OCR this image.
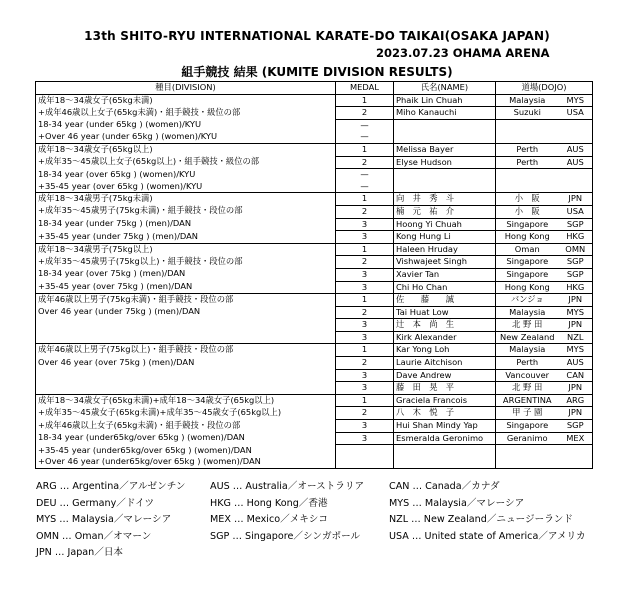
13th SHITO-RYU INTERNATIONAL KARATE-DO TAIKAI(OSAKA JAPAN)
2023.07.23 OHAMA ARENA
組手競技 結果 (KUMITE DIVISION RESULTS)
種目(DIVISION)	MEDAL	氏名(NAME)	道場(DOJO)	
成年18～34歳女子(65kg未満)	1	Phaik Lin Chuah	Malaysia	MYS
+成年46歳以上女子(65kg未満)・組手競技・級位の部	2	Miho Kanauchi	Suzuki	USA
18-34 year (under 65kg ) (women)/KYU	—			
+Over 46 year (under 65kg ) (women)/KYU	—			
成年18～34歳女子(65kg以上)	1	Melissa Bayer	Perth	AUS
+成年35～45歳以上女子(65kg以上)・組手競技・級位の部	2	Elyse Hudson	Perth	AUS
18-34 year (over 65kg ) (women)/KYU	—			
+35-45 year (over 65kg ) (women)/KYU	—			
成年18～34歳男子(75kg未満)	1	向　井　秀　斗	小　阪	JPN
+成年35～45歳男子(75kg未満)・組手競技・段位の部	2	楠　元　祐　介	小　阪	USA
18-34 year (under 75kg ) (men)/DAN	3	Hoong Yi Chuah	Singapore	SGP
+35-45 year (under 75kg ) (men)/DAN	3	Kong Hung Li	Hong Kong	HKG
成年18～34歳男子(75kg以上)	1	Haleen Hruday	Oman	OMN
+成年35～45歳男子(75kg以上)・組手競技・段位の部	2	Vishwajeet Singh	Singapore	SGP
18-34 year (over 75kg ) (men)/DAN	3	Xavier Tan	Singapore	SGP
+35-45 year (over 75kg ) (men)/DAN	3	Chi Ho Chan	Hong Kong	HKG
成年46歳以上男子(75kg未満)・組手競技・段位の部	1	佐　　藤　　誠	バンジョ	JPN
Over 46 year (under 75kg ) (men)/DAN	2	Tai Huat Low	Malaysia	MYS
	3	辻　本　尚　生	北 野 田	JPN
	3	Kirk Alexander	New Zealand	NZL
成年46歳以上男子(75kg以上)・組手競技・段位の部	1	Kar Yong Loh	Malaysia	MYS
Over 46 year (over 75kg ) (men)/DAN	2	Laurie Aitchison	Perth	AUS
	3	Dave Andrew	Vancouver	CAN
	3	藤　田　晃　平	北 野 田	JPN
成年18～34歳女子(65kg未満)+成年18～34歳女子(65kg以上)	1	Graciela Francois	ARGENTINA	ARG
+成年35～45歳女子(65kg未満)+成年35～45歳女子(65kg以上)	2	八　木　悦　子	甲 子 園	JPN
+成年46歳以上女子(65kg未満)・組手競技・段位の部	3	Hui Shan Mindy Yap	Singapore	SGP
18-34 year (under65kg/over 65kg ) (women)/DAN	3	Esmeralda Geronimo	Geranimo	MEX
+35-45 year (under65kg/over 65kg ) (women)/DAN				
+Over 46 year (under65kg/over 65kg ) (women)/DAN				
ARG … Argentina／アルゼンチン	AUS … Australia／オーストラリア	CAN … Canada／カナダ
DEU … Germany／ドイツ	HKG … Hong Kong／香港	MYS … Malaysia／マレーシア
MYS … Malaysia／マレーシア	MEX … Mexico／メキシコ	NZL … New Zealand／ニュージーランド
OMN … Oman／オマーン	SGP … Singapore／シンガポール	USA … United state of America／アメリカ
JPN … Japan／日本
